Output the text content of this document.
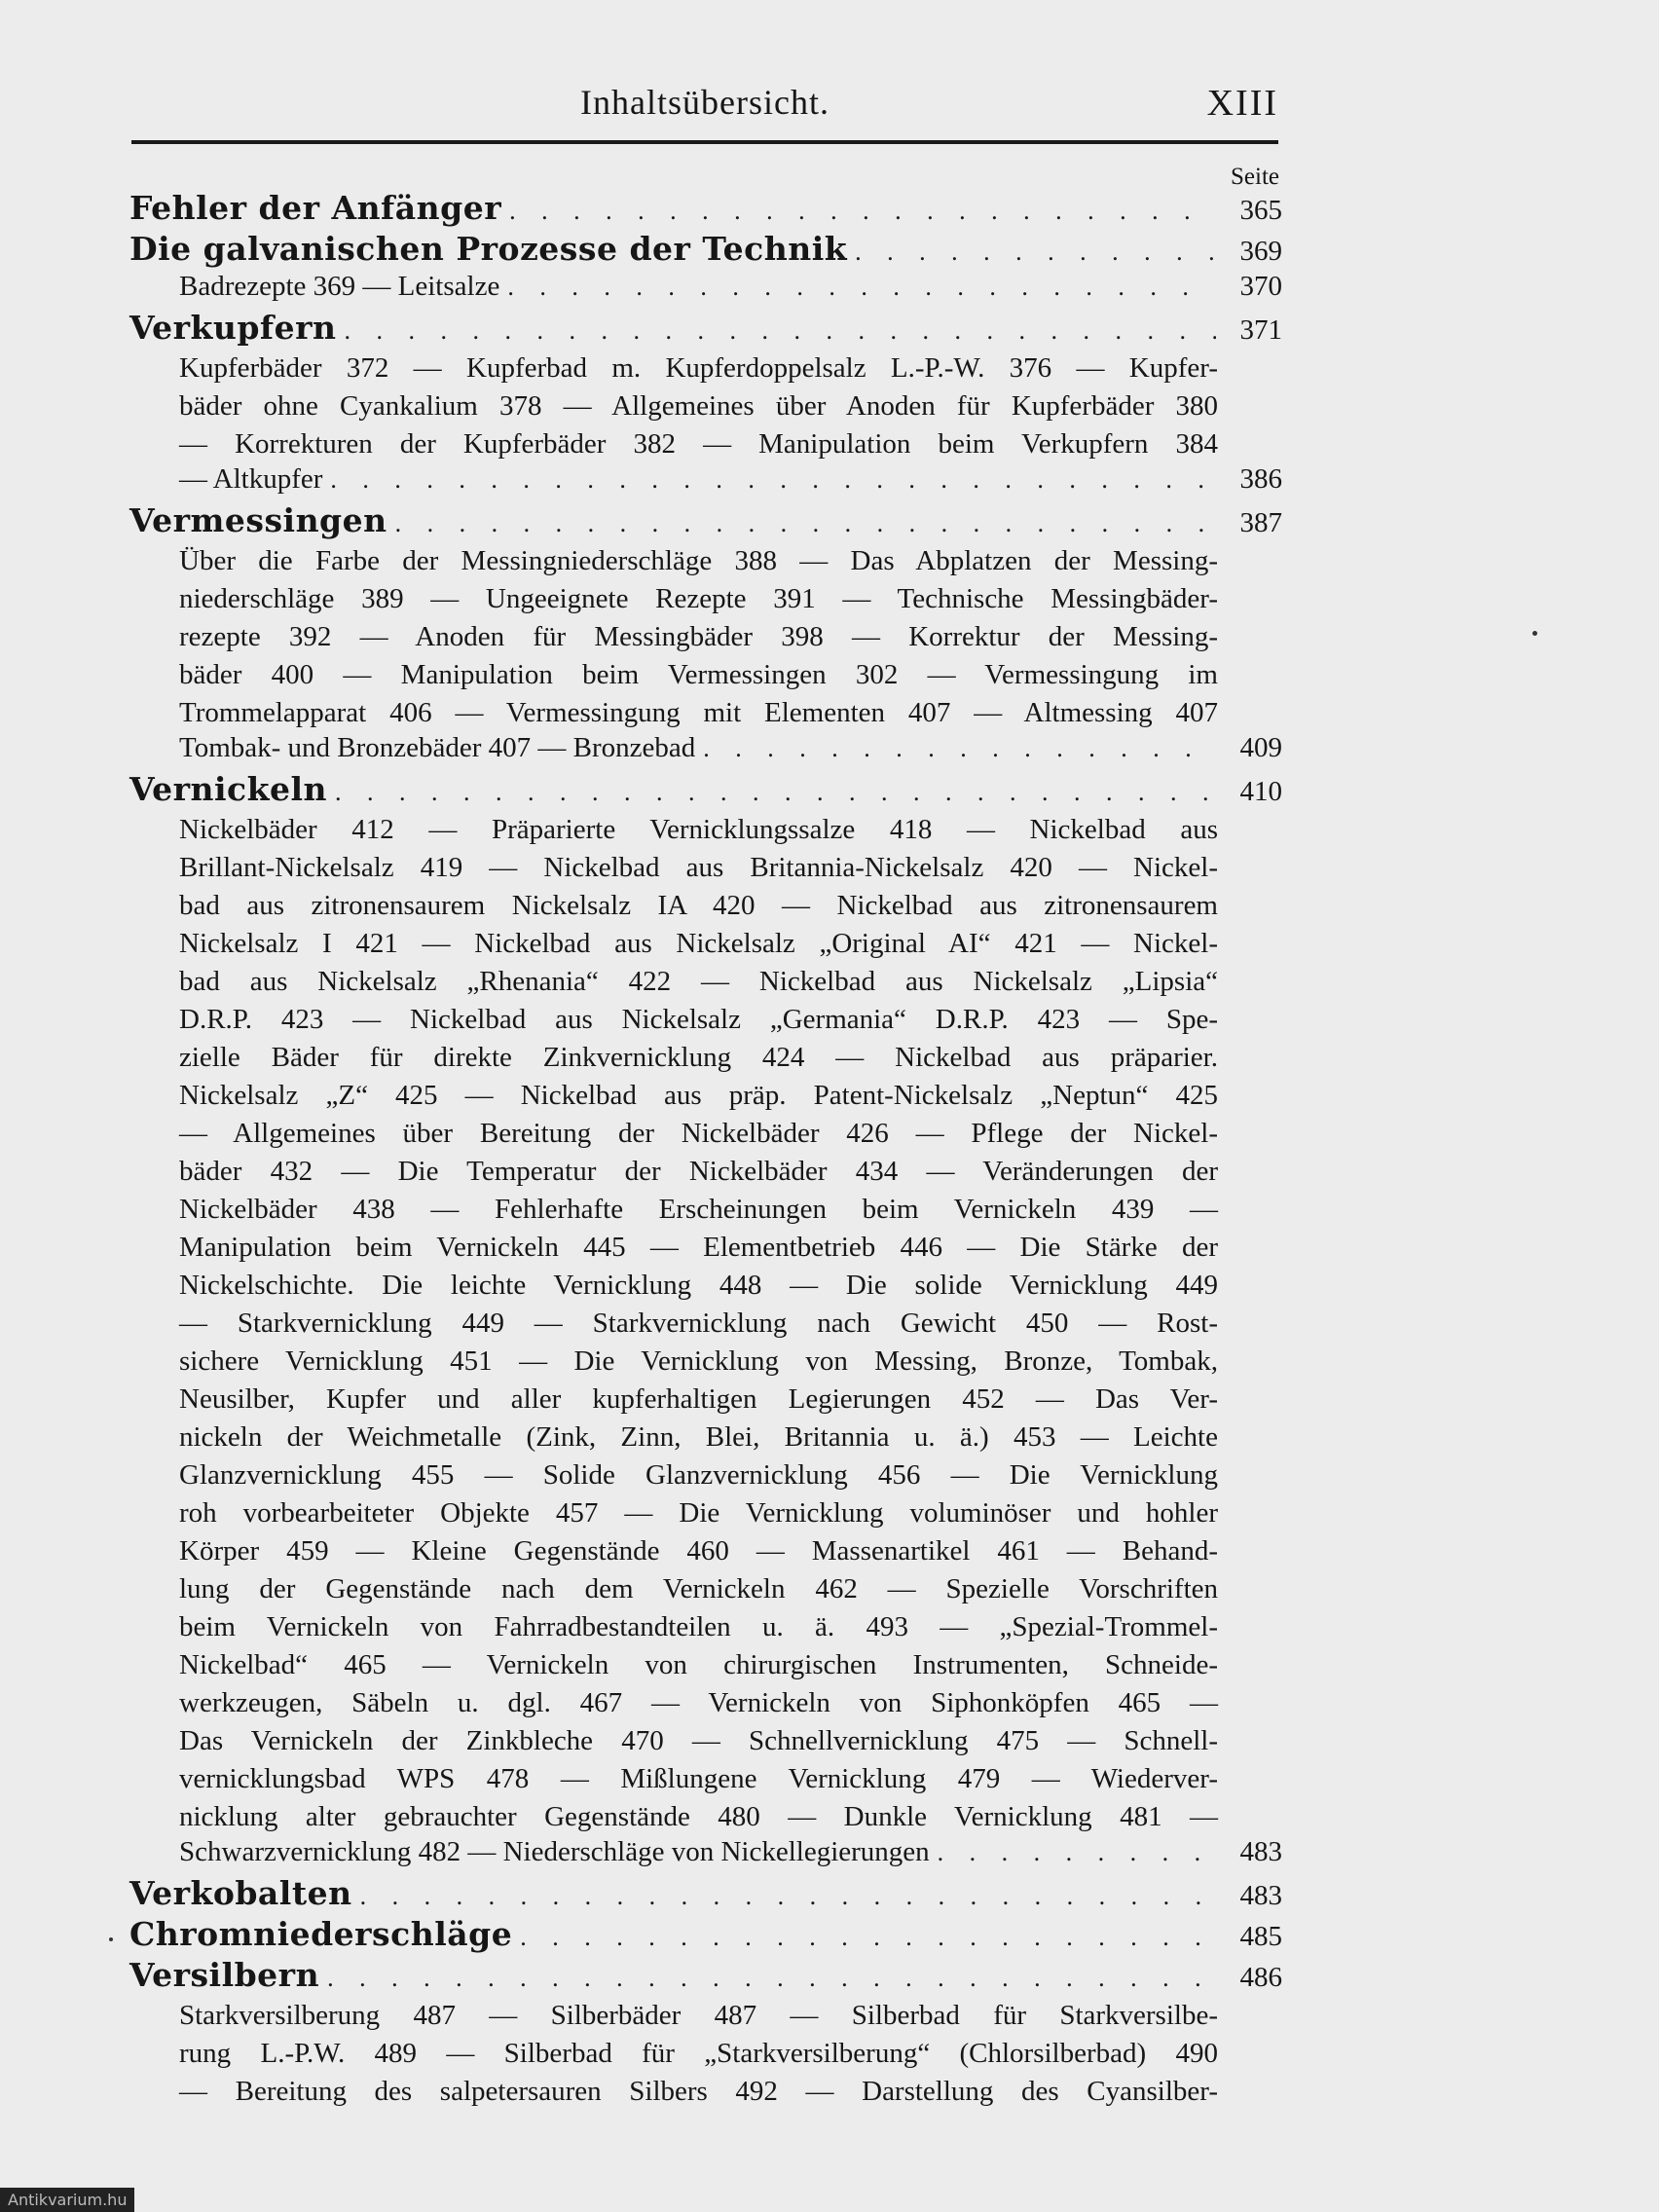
Inhaltsübersicht.	XIII
Seite
Fehler der Anfänger . . .	365
Die galvanischen Prozesse der Technik . . .	369
Badrezepte 369 — Leitsalze . . .	370
Verkupfern . . .	371
Kupferbäder 372 — Kupferbad m. Kupferdoppelsalz L.-P.-W. 376 — Kupfer-
bäder ohne Cyankalium 378 — Allgemeines über Anoden für Kupferbäder 380
— Korrekturen der Kupferbäder 382 — Manipulation beim Verkupfern 384
— Altkupfer . . .	386
Vermessingen . . .	387
Über die Farbe der Messingniederschläge 388 — Das Abplatzen der Messing-
niederschläge 389 — Ungeeignete Rezepte 391 — Technische Messingbäder-
rezepte 392 — Anoden für Messingbäder 398 — Korrektur der Messing-
bäder 400 — Manipulation beim Vermessingen 302 — Vermessingung im
Trommelapparat 406 — Vermessingung mit Elementen 407 — Altmessing 407
Tombak- und Bronzebäder 407 — Bronzebad . . .	409
Vernickeln . . .	410
Nickelbäder 412 — Präparierte Vernicklungssalze 418 — Nickelbad aus
Brillant-Nickelsalz 419 — Nickelbad aus Britannia-Nickelsalz 420 — Nickel-
bad aus zitronensaurem Nickelsalz IA 420 — Nickelbad aus zitronensaurem
Nickelsalz I 421 — Nickelbad aus Nickelsalz „Original AI“ 421 — Nickel-
bad aus Nickelsalz „Rhenania“ 422 — Nickelbad aus Nickelsalz „Lipsia“
D.R.P. 423 — Nickelbad aus Nickelsalz „Germania“ D.R.P. 423 — Spe-
zielle Bäder für direkte Zinkvernicklung 424 — Nickelbad aus präparier.
Nickelsalz „Z“ 425 — Nickelbad aus präp. Patent-Nickelsalz „Neptun“ 425
— Allgemeines über Bereitung der Nickelbäder 426 — Pflege der Nickel-
bäder 432 — Die Temperatur der Nickelbäder 434 — Veränderungen der
Nickelbäder 438 — Fehlerhafte Erscheinungen beim Vernickeln 439 —
Manipulation beim Vernickeln 445 — Elementbetrieb 446 — Die Stärke der
Nickelschichte. Die leichte Vernicklung 448 — Die solide Vernicklung 449
— Starkvernicklung 449 — Starkvernicklung nach Gewicht 450 — Rost-
sichere Vernicklung 451 — Die Vernicklung von Messing, Bronze, Tombak,
Neusilber, Kupfer und aller kupferhaltigen Legierungen 452 — Das Ver-
nickeln der Weichmetalle (Zink, Zinn, Blei, Britannia u. ä.) 453 — Leichte
Glanzvernicklung 455 — Solide Glanzvernicklung 456 — Die Vernicklung
roh vorbearbeiteter Objekte 457 — Die Vernicklung voluminöser und hohler
Körper 459 — Kleine Gegenstände 460 — Massenartikel 461 — Behand-
lung der Gegenstände nach dem Vernickeln 462 — Spezielle Vorschriften
beim Vernickeln von Fahrradbestandteilen u. ä. 493 — „Spezial-Trommel-
Nickelbad“ 465 — Vernickeln von chirurgischen Instrumenten, Schneide-
werkzeugen, Säbeln u. dgl. 467 — Vernickeln von Siphonköpfen 465 —
Das Vernickeln der Zinkbleche 470 — Schnellvernicklung 475 — Schnell-
vernicklungsbad WPS 478 — Mißlungene Vernicklung 479 — Wiederver-
nicklung alter gebrauchter Gegenstände 480 — Dunkle Vernicklung 481 —
Schwarzvernicklung 482 — Niederschläge von Nickellegierungen . . .	483
Verkobalten . . .	483
Chromniederschläge . . .	485
Versilbern . . .	486
Starkversilberung 487 — Silberbäder 487 — Silberbad für Starkversilbe-
rung L.-P.W. 489 — Silberbad für „Starkversilberung“ (Chlorsilberbad) 490
— Bereitung des salpetersauren Silbers 492 — Darstellung des Cyansilber-
Antikvarium.hu
